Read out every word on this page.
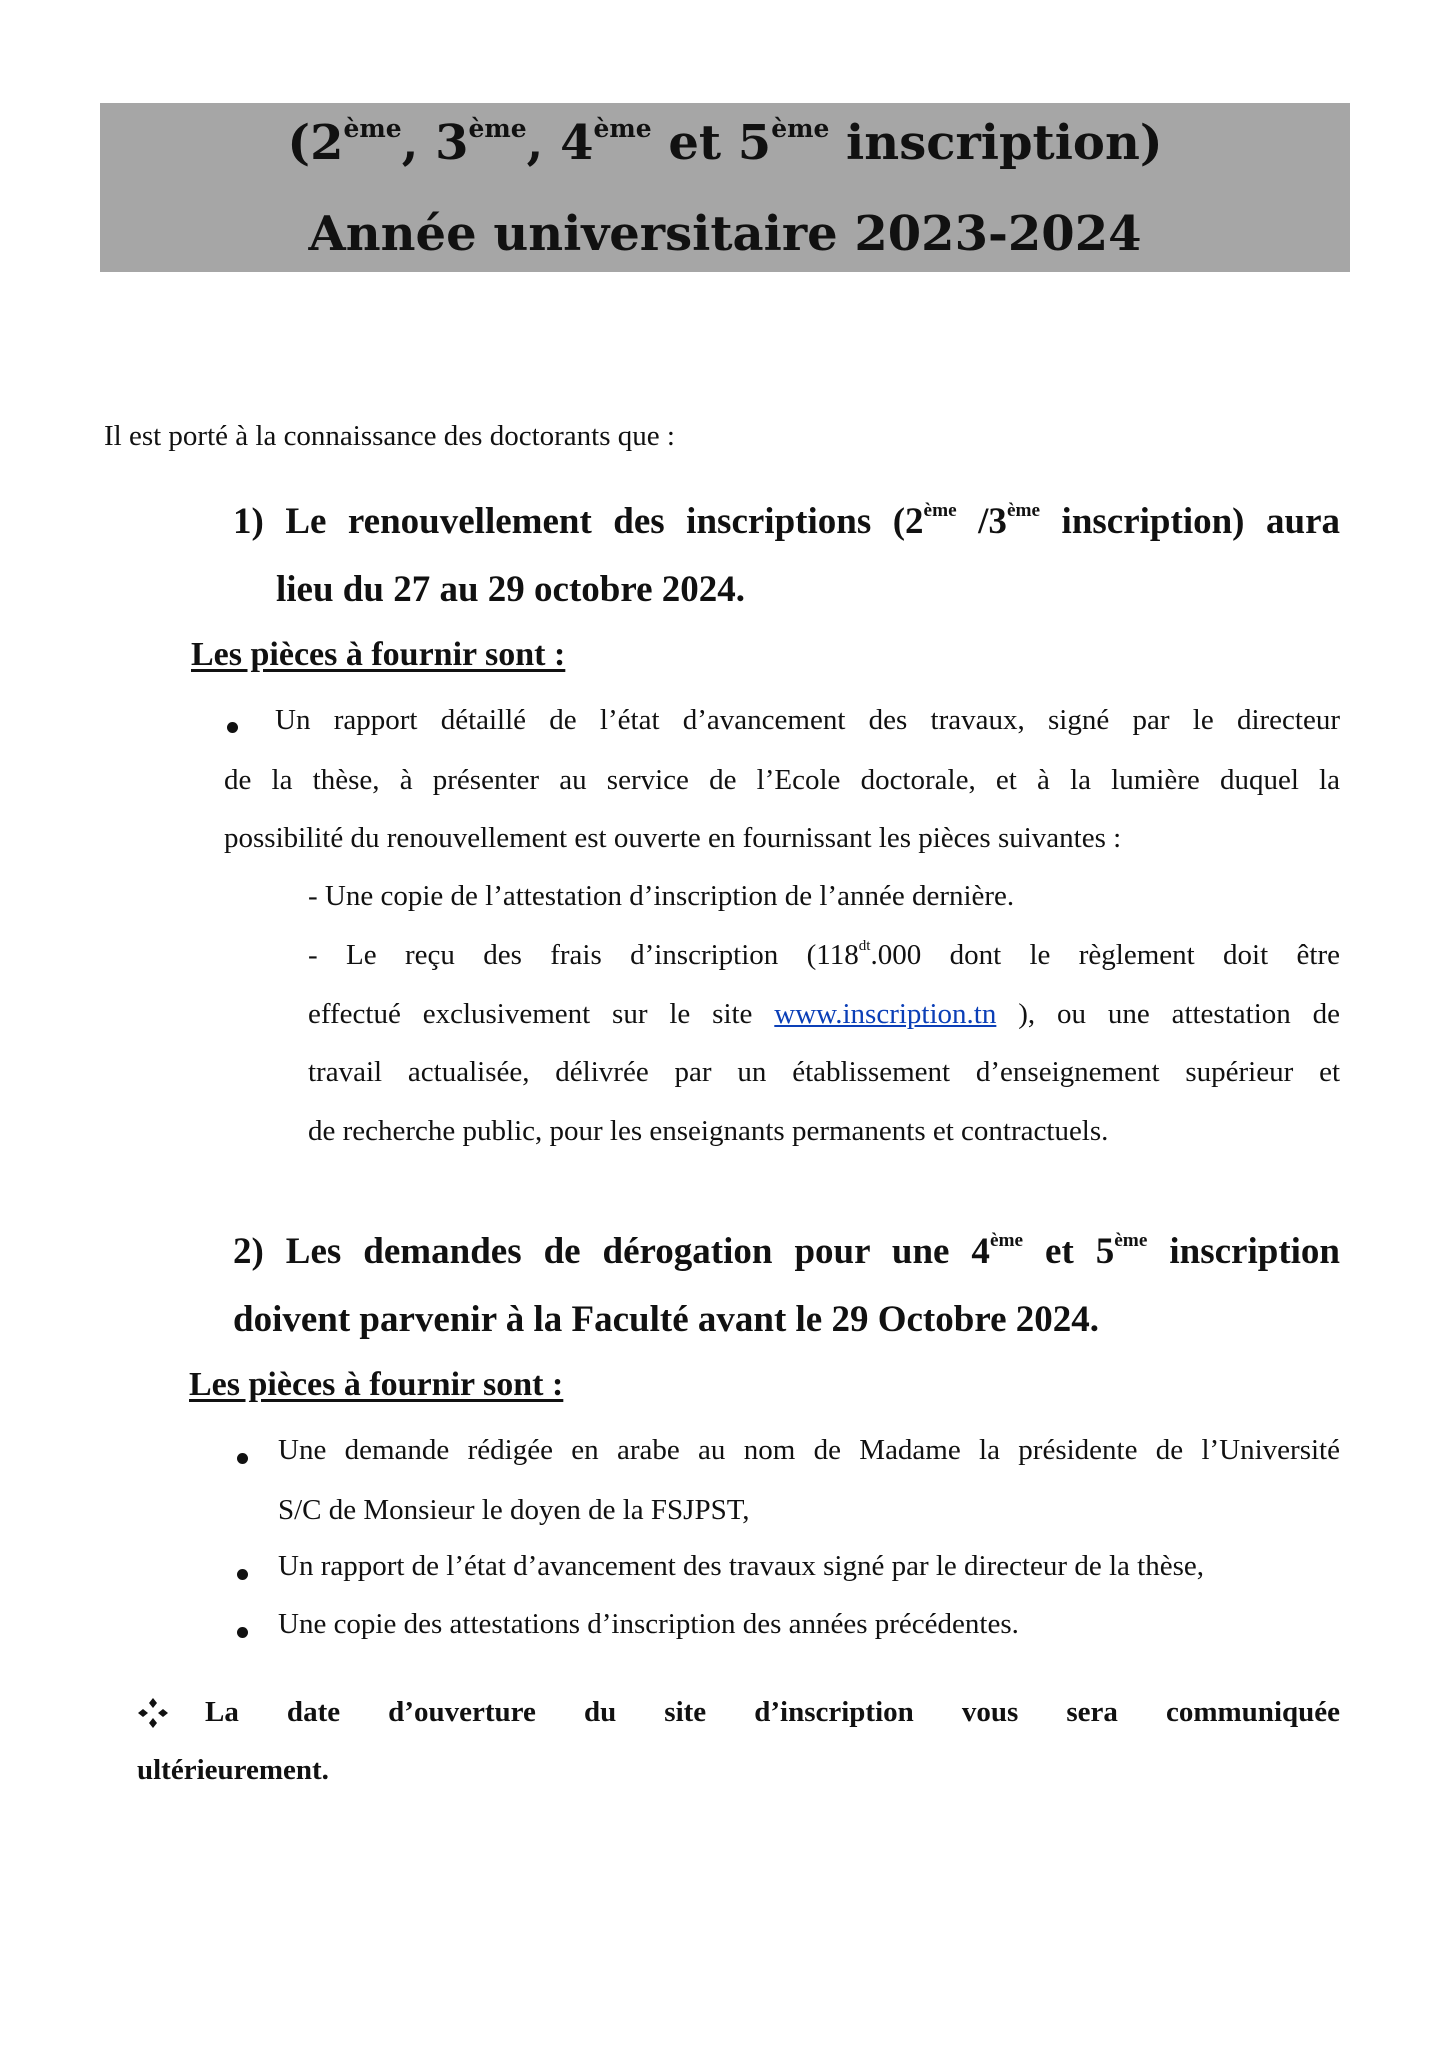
(2ème, 3ème, 4ème et 5ème inscription)
Année universitaire 2023-2024
Il est porté à la connaissance des doctorants que :
1) Le renouvellement des inscriptions (2ème /3ème inscription) aura
lieu du 27 au 29 octobre 2024.
Les pièces à fournir sont :
Un rapport détaillé de l’état d’avancement des travaux, signé par le directeur
de la thèse, à présenter au service de l’Ecole doctorale, et à la lumière duquel la
possibilité du renouvellement est ouverte en fournissant les pièces suivantes :
- Une copie de l’attestation d’inscription de l’année dernière.
- Le reçu des frais d’inscription ($118^{dt}.000$ dont le règlement doit être
effectué exclusivement sur le site www.inscription.tn ), ou une attestation de
travail actualisée, délivrée par un établissement d’enseignement supérieur et
de recherche public, pour les enseignants permanents et contractuels.
2) Les demandes de dérogation pour une 4ème et 5ème inscription
doivent parvenir à la Faculté avant le 29 Octobre 2024.
Les pièces à fournir sont :
Une demande rédigée en arabe au nom de Madame la présidente de l’Université
S/C de Monsieur le doyen de la FSJPST,
Un rapport de l’état d’avancement des travaux signé par le directeur de la thèse,
Une copie des attestations d’inscription des années précédentes.
La date d’ouverture du site d’inscription vous sera communiquée
ultérieurement.
